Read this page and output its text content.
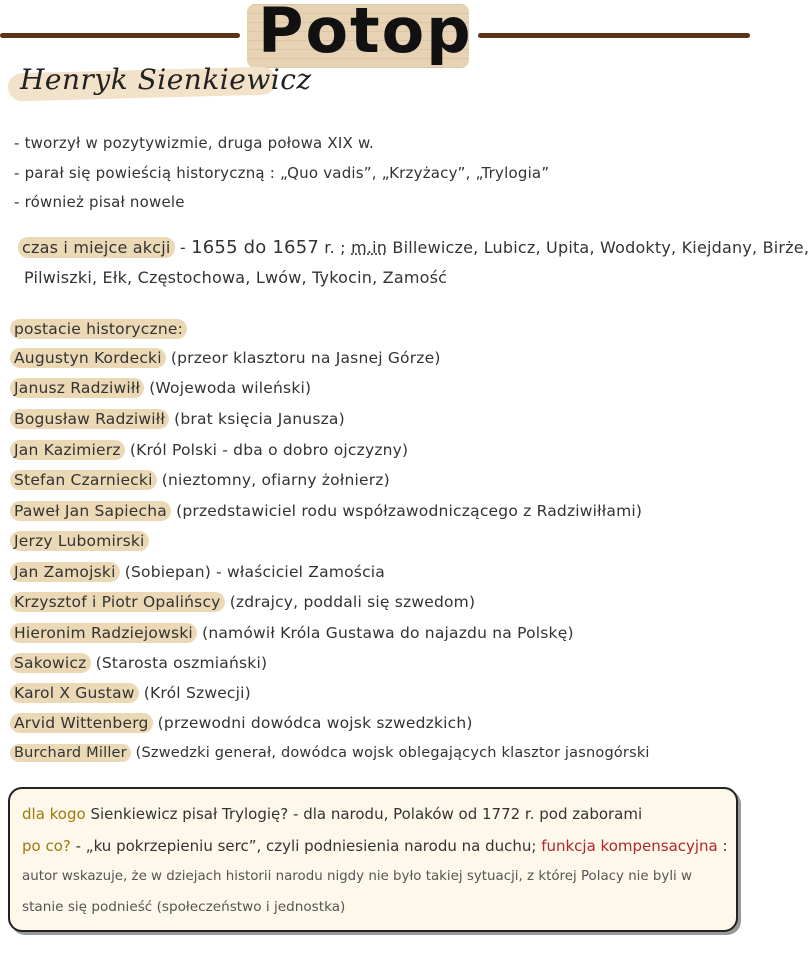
Potop
Henryk Sienkiewicz
- tworzył w pozytywizmie, druga połowa XIX w.
- parał się powieścią historyczną : „Quo vadis”, „Krzyżacy”, „Trylogia”
- również pisał nowele
czas i miejce akcji - 1655 do 1657 r. ; m.in Billewicze, Lubicz, Upita, Wodokty, Kiejdany, Birże,
Pilwiszki, Ełk, Częstochowa, Lwów, Tykocin, Zamość
postacie historyczne:
Augustyn Kordecki (przeor klasztoru na Jasnej Górze)
Janusz Radziwiłł (Wojewoda wileński)
Bogusław Radziwiłł (brat księcia Janusza)
Jan Kazimierz (Król Polski - dba o dobro ojczyzny)
Stefan Czarniecki (nieztomny, ofiarny żołnierz)
Paweł Jan Sapiecha (przedstawiciel rodu współzawodniczącego z Radziwiłłami)
Jerzy Lubomirski
Jan Zamojski (Sobiepan) - właściciel Zamościa
Krzysztof i Piotr Opalińscy (zdrajcy, poddali się szwedom)
Hieronim Radziejowski (namówił Króla Gustawa do najazdu na Polskę)
Sakowicz (Starosta oszmiański)
Karol X Gustaw (Król Szwecji)
Arvid Wittenberg (przewodni dowódca wojsk szwedzkich)
Burchard Miller (Szwedzki generał, dowódca wojsk oblegających klasztor jasnogórski
dla kogo Sienkiewicz pisał Trylogię? - dla narodu, Polaków od 1772 r. pod zaborami
po co? - „ku pokrzepieniu serc”, czyli podniesienia narodu na duchu; funkcja kompensacyjna :
autor wskazuje, że w dziejach historii narodu nigdy nie było takiej sytuacji, z której Polacy nie byli w
stanie się podnieść (społeczeństwo i jednostka)
